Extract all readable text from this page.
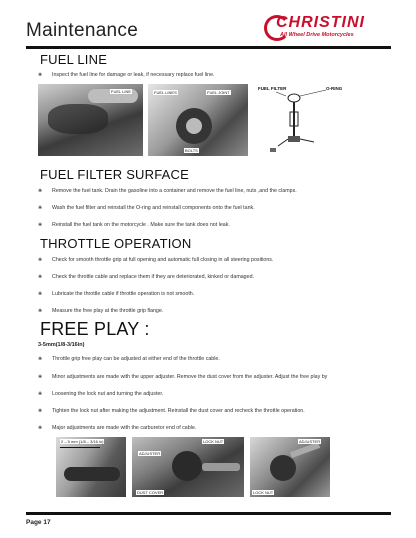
Maintenance	CHRISTINI
All Wheel Drive Motorcycles
FUEL LINE
❀ Inspect the fuel line for damage or leak, if necessary replace fuel line.
FUEL LINE	FUEL LINES	FUEL JOINT
BOLTS
FUEL FILTER	O-RING
FUEL FILTER SURFACE
❀ Remove the fuel tank. Drain the gasoline into a container and remove the fuel line, nuts ,and the clamps.
❀ Wash the fuel filter and reinstall the O-ring and reinstall components onto the fuel tank.
❀ Reinstall the fuel tank on the motorcycle . Make sure the tank does not leak.
THROTTLE OPERATION
❀ Check for smooth throttle grip at full opening and automatic full closing in all steering positions.
❀ Check the throttle cable and replace them if they are deteriorated, kinked or damaged.
❀ Lubricate the throttle cable if throttle operation is not smooth.
❀ Measure the free play at the throttle grip flange.
FREE PLAY :
3-5mm(1/8-3/16in)
❀ Throttle grip free play can be adjusted at either end of the throttle cable.
❀ Minor adjustments are made with the upper adjuster. Remove the dust cover from the adjuster. Adjust the free play by
❀ Loosening the lock nut and turning the adjuster.
❀ Tighten the lock nut after making the adjustment. Reinstall the dust cover and recheck the throttle operation.
❀ Major adjustments are made with the carburetor end of cable.
2 – 5 mm (1/8 – 3/16 in)	LOCK NUT
ADJUSTER
DUST COVER
ADJUSTER
LOCK NUT
Page 17
